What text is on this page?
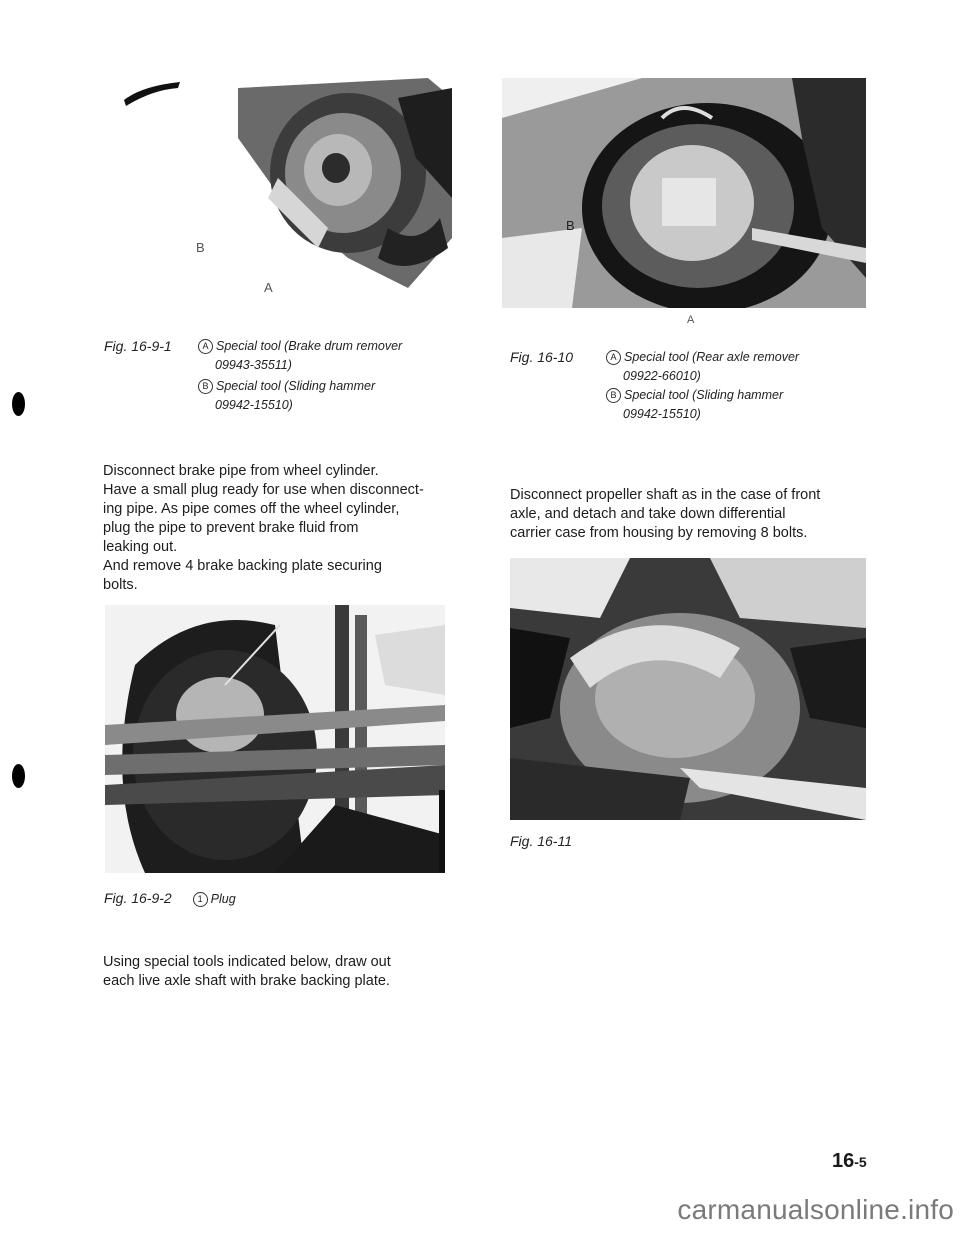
B
A
Fig. 16-9-1	A Special tool (Brake drum remover
09943-35511)
B Special tool (Sliding hammer
09942-15510)
B
A
Fig. 16-10	A Special tool (Rear axle remover
09922-66010)
B Special tool (Sliding hammer
09942-15510)
Disconnect brake pipe from wheel cylinder.
Have a small plug ready for use when disconnect-
ing pipe. As pipe comes off the wheel cylinder,
plug the pipe to prevent brake fluid from
leaking out.
And remove 4 brake backing plate securing
bolts.
Disconnect propeller shaft as in the case of front
axle, and detach and take down differential
carrier case from housing by removing 8 bolts.
Fig. 16-9-2	1 Plug
Fig. 16-11
Using special tools indicated below, draw out
each live axle shaft with brake backing plate.
16-5
carmanualsonline.info
